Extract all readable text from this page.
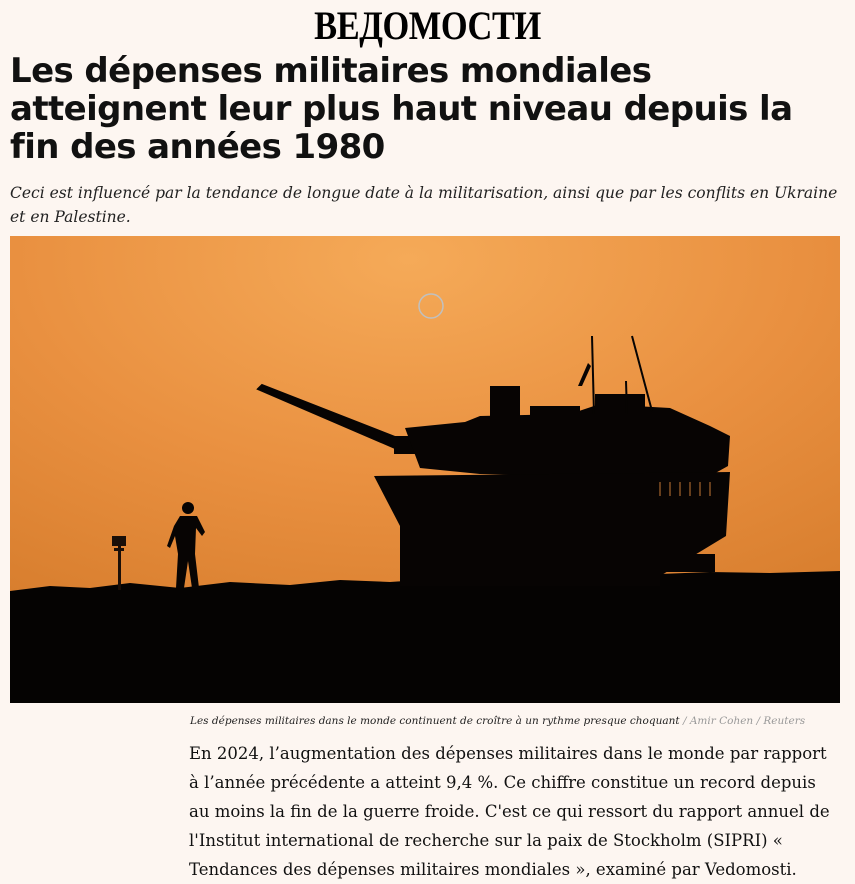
ВЕДОМОСТИ
Les dépenses militaires mondiales atteignent leur plus haut niveau depuis la fin des années 1980

Ceci est influencé par la tendance de longue date à la militarisation, ainsi que par les conflits en Ukraine et en Palestine.

Les dépenses militaires dans le monde continuent de croître à un rythme presque choquant / Amir Cohen / Reuters

En 2024, l’augmentation des dépenses militaires dans le monde par rapport à l’année précédente a atteint 9,4 %. Ce chiffre constitue un record depuis au moins la fin de la guerre froide. C'est ce qui ressort du rapport annuel de l'Institut international de recherche sur la paix de Stockholm (SIPRI) « Tendances des dépenses militaires mondiales », examiné par Vedomosti.
